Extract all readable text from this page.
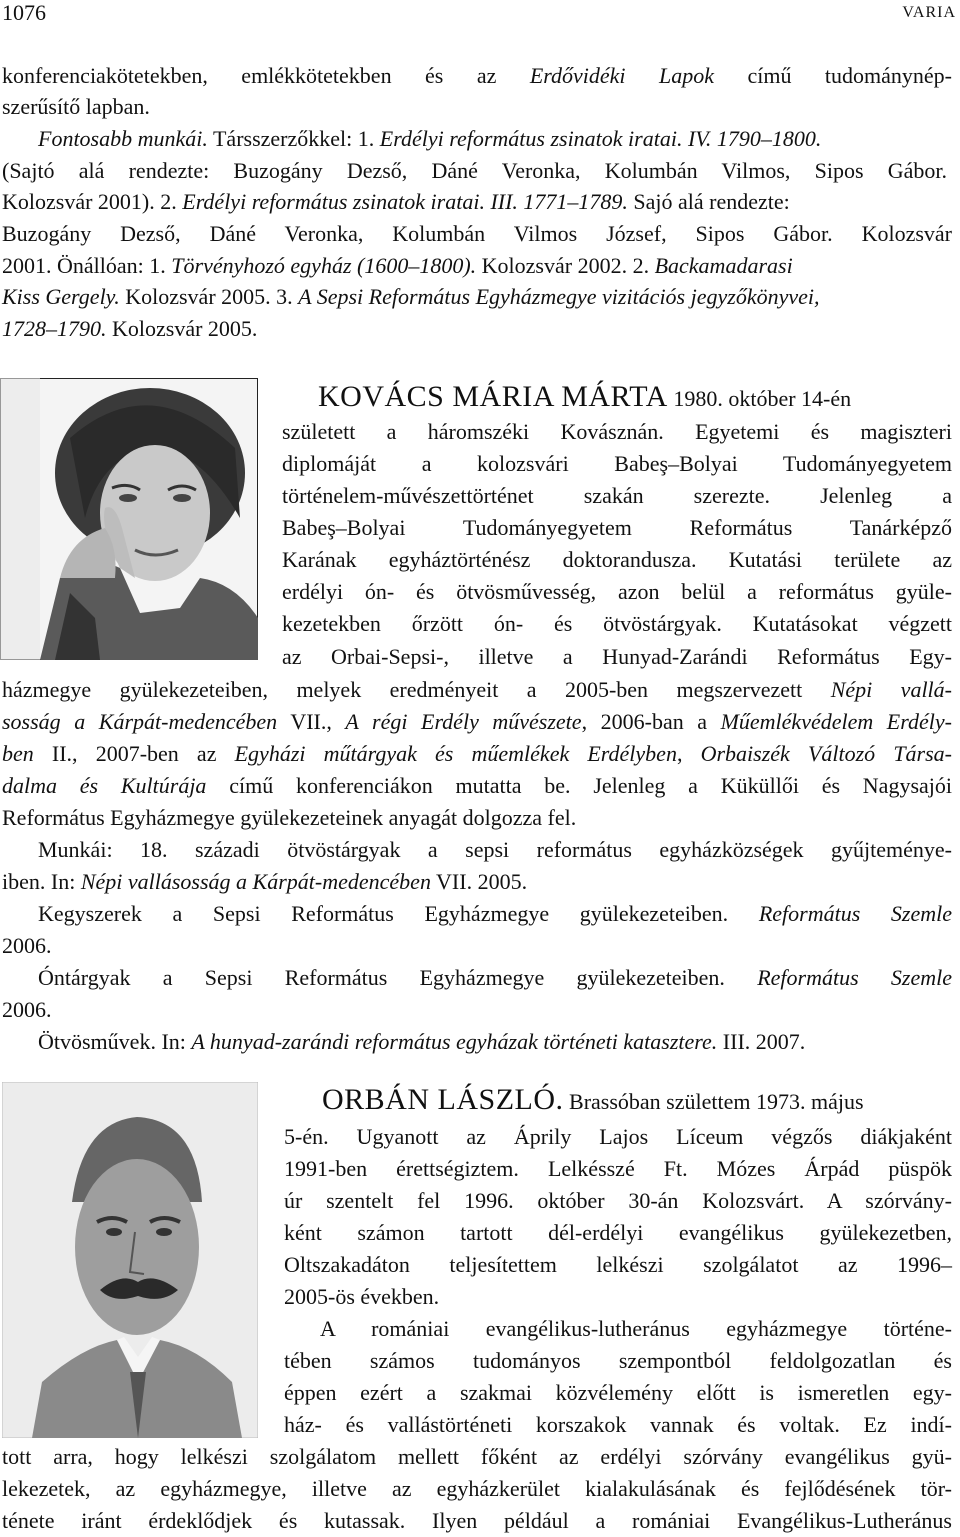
1076	VARIA
konferenciakötetekben, emlékkötetekben és az Erdővidéki Lapok című tudománynép-
szerűsítő lapban.
Fontosabb munkái. Társszerzőkkel: 1. Erdélyi református zsinatok iratai. IV. 1790–1800.
(Sajtó alá rendezte: Buzogány Dezső, Dáné Veronka, Kolumbán Vilmos, Sipos Gábor.
Kolozsvár 2001). 2. Erdélyi református zsinatok iratai. III. 1771–1789. Sajó alá rendezte:
Buzogány Dezső, Dáné Veronka, Kolumbán Vilmos József, Sipos Gábor. Kolozsvár
2001. Önállóan: 1. Törvényhozó egyház (1600–1800). Kolozsvár 2002. 2. Backamadarasi
Kiss Gergely. Kolozsvár 2005. 3. A Sepsi Református Egyházmegye vizitációs jegyzőkönyvei,
1728–1790. Kolozsvár 2005.
KOVÁCS MÁRIA MÁRTA 1980. október 14-én
született a háromszéki Kovásznán. Egyetemi és magiszteri
diplomáját a kolozsvári Babeş–Bolyai Tudományegyetem
történelem-művészettörténet szakán szerezte. Jelenleg a
Babeş–Bolyai Tudományegyetem Református Tanárképző
Karának egyháztörténész doktorandusza. Kutatási területe az
erdélyi ón- és ötvösművesség, azon belül a református gyüle-
kezetekben őrzött ón- és ötvöstárgyak. Kutatásokat végzett
az Orbai-Sepsi-, illetve a Hunyad-Zarándi Református Egy-
házmegye gyülekezeteiben, melyek eredményeit a 2005-ben megszervezett Népi vallá-
sosság a Kárpát-medencében VII., A régi Erdély művészete, 2006-ban a Műemlékvédelem Erdély-
ben II., 2007-ben az Egyházi műtárgyak és műemlékek Erdélyben, Orbaiszék Változó Társa-
dalma és Kultúrája című konferenciákon mutatta be. Jelenleg a Küküllői és Nagysajói
Református Egyházmegye gyülekezeteinek anyagát dolgozza fel.
Munkái: 18. századi ötvöstárgyak a sepsi református egyházközségek gyűjteménye-
iben. In: Népi vallásosság a Kárpát-medencében VII. 2005.
Kegyszerek a Sepsi Református Egyházmegye gyülekezeteiben. Református Szemle
2006.
Óntárgyak a Sepsi Református Egyházmegye gyülekezeteiben. Református Szemle
2006.
Ötvösművek. In: A hunyad-zarándi református egyházak történeti katasztere. III. 2007.
ORBÁN LÁSZLÓ. Brassóban születtem 1973. május
5-én. Ugyanott az Áprily Lajos Líceum végzős diákjaként
1991-ben érettségiztem. Lelkésszé Ft. Mózes Árpád püspök
úr szentelt fel 1996. október 30-án Kolozsvárt. A szórvány-
ként számon tartott dél-erdélyi evangélikus gyülekezetben,
Oltszakadáton teljesítettem lelkészi szolgálatot az 1996–
2005-ös években.
A romániai evangélikus-lutheránus egyházmegye történe-
tében számos tudományos szempontból feldolgozatlan és
éppen ezért a szakmai közvélemény előtt is ismeretlen egy-
ház- és vallástörténeti korszakok vannak és voltak. Ez indí-
tott arra, hogy lelkészi szolgálatom mellett főként az erdélyi szórvány evangélikus gyü-
lekezetek, az egyházmegye, illetve az egyházkerület kialakulásának és fejlődésének tör-
ténete iránt érdeklődjek és kutassak. Ilyen például a romániai Evangélikus-Lutheránus
